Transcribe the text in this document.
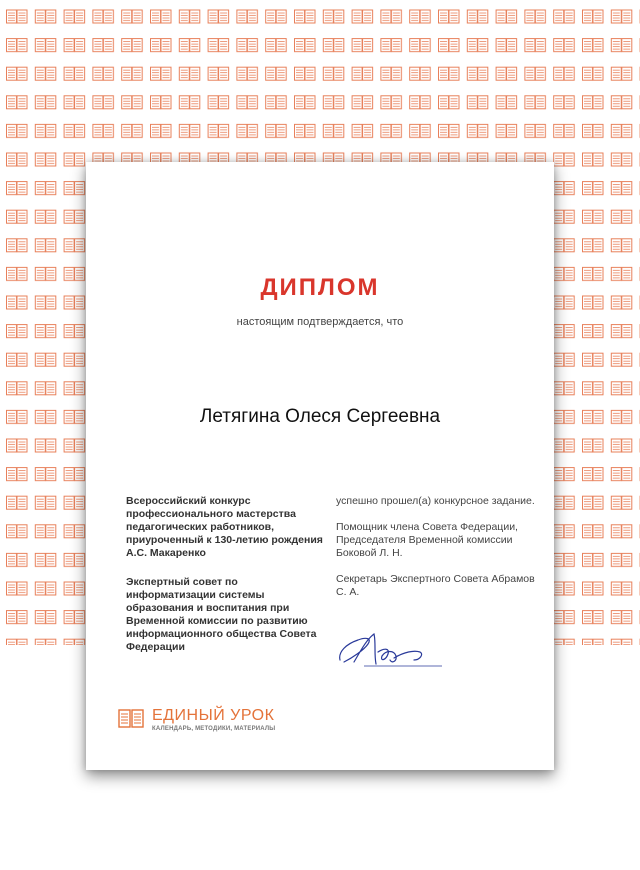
ДИПЛОМ
настоящим подтверждается, что
Летягина Олеся Сергеевна

Всероссийский конкурс профессионального мастерства педагогических работников, приуроченный к 130-летию рождения А.С. Макаренко

Экспертный совет по информатизации системы образования и воспитания при Временной комиссии по развитию информационного общества Совета Федерации

успешно прошел(а) конкурсное задание.

Помощник члена Совета Федерации, Председателя Временной комиссии Боковой Л. Н.

Секретарь Экспертного Совета Абрамов С. А.

ЕДИНЫЙ УРОК
КАЛЕНДАРЬ, МЕТОДИКИ, МАТЕРИАЛЫ
